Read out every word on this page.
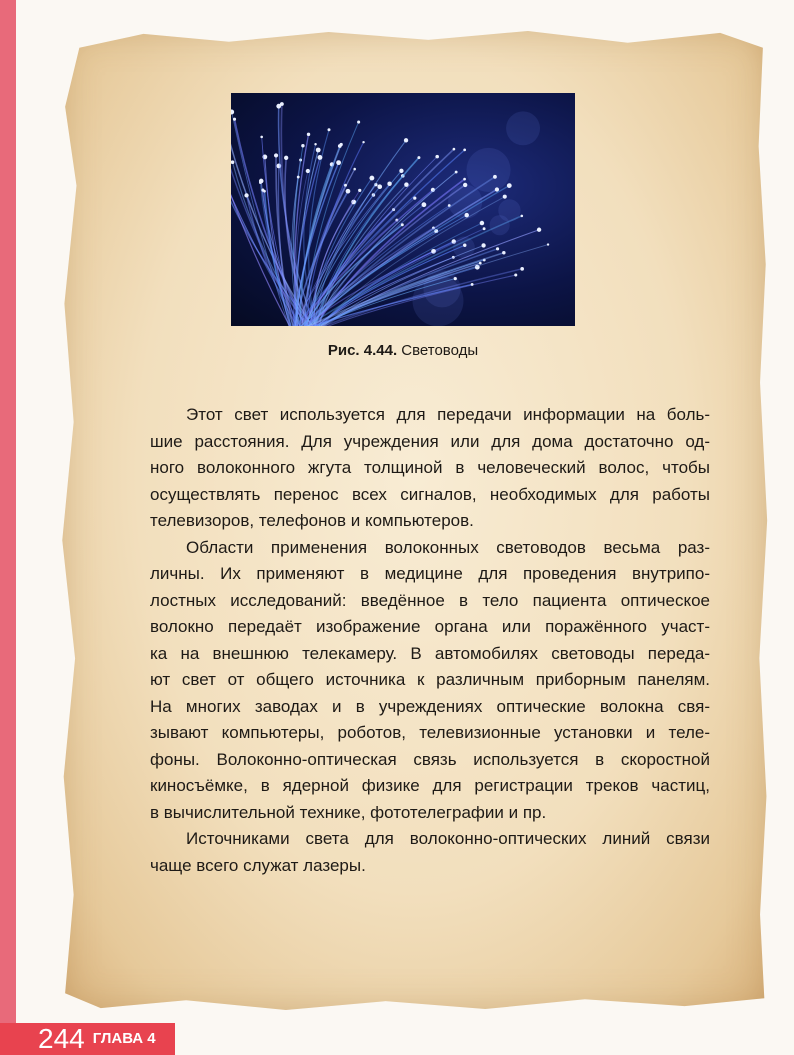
Рис. 4.44. Световоды
Этот свет используется для передачи информации на боль-
шие расстояния. Для учреждения или для дома достаточно од-
ного волоконного жгута толщиной в человеческий волос, чтобы
осуществлять перенос всех сигналов, необходимых для работы
телевизоров, телефонов и компьютеров.
Области применения волоконных световодов весьма раз-
личны. Их применяют в медицине для проведения внутрипо-
лостных исследований: введённое в тело пациента оптическое
волокно передаёт изображение органа или поражённого участ-
ка на внешнюю телекамеру. В автомобилях световоды переда-
ют свет от общего источника к различным приборным панелям.
На многих заводах и в учреждениях оптические волокна свя-
зывают компьютеры, роботов, телевизионные установки и теле-
фоны. Волоконно-оптическая связь используется в скоростной
киносъёмке, в ядерной физике для регистрации треков частиц,
в вычислительной технике, фототелеграфии и пр.
Источниками света для волоконно-оптических линий связи
чаще всего служат лазеры.
244 ГЛАВА 4
